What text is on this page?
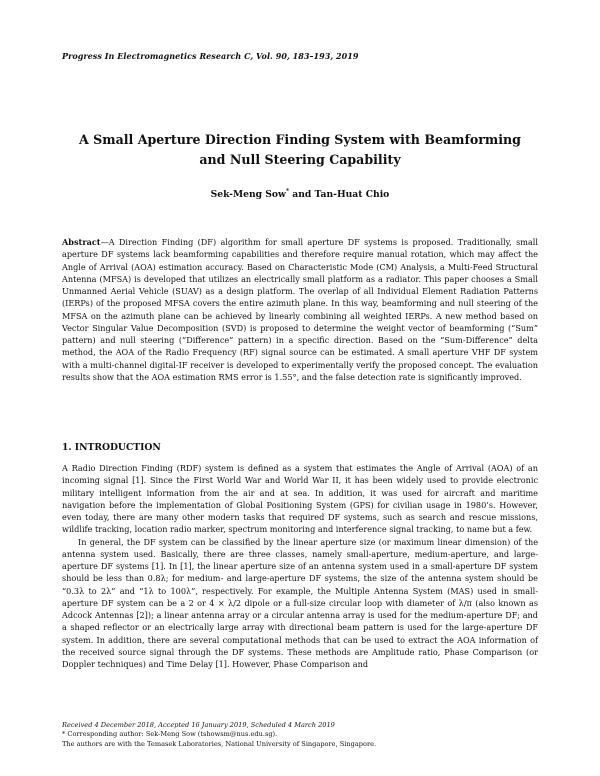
Progress In Electromagnetics Research C, Vol. 90, 183–193, 2019
A Small Aperture Direction Finding System with Beamforming
and Null Steering Capability
Sek-Meng Sow* and Tan-Huat Chio
Abstract—A Direction Finding (DF) algorithm for small aperture DF systems is proposed. Traditionally, small aperture DF systems lack beamforming capabilities and therefore require manual rotation, which may affect the Angle of Arrival (AOA) estimation accuracy. Based on Characteristic Mode (CM) Analysis, a Multi-Feed Structural Antenna (MFSA) is developed that utilizes an electrically small platform as a radiator. This paper chooses a Small Unmanned Aerial Vehicle (SUAV) as a design platform. The overlap of all Individual Element Radiation Patterns (IERPs) of the proposed MFSA covers the entire azimuth plane. In this way, beamforming and null steering of the MFSA on the azimuth plane can be achieved by linearly combining all weighted IERPs. A new method based on Vector Singular Value Decomposition (SVD) is proposed to determine the weight vector of beamforming (“Sum” pattern) and null steering (“Difference” pattern) in a specific direction. Based on the “Sum-Difference” delta method, the AOA of the Radio Frequency (RF) signal source can be estimated. A small aperture VHF DF system with a multi-channel digital-IF receiver is developed to experimentally verify the proposed concept. The evaluation results show that the AOA estimation RMS error is 1.55°, and the false detection rate is significantly improved.
1. INTRODUCTION

A Radio Direction Finding (RDF) system is defined as a system that estimates the Angle of Arrival (AOA) of an incoming signal [1]. Since the First World War and World War II, it has been widely used to provide electronic military intelligent information from the air and at sea. In addition, it was used for aircraft and maritime navigation before the implementation of Global Positioning System (GPS) for civilian usage in 1980’s. However, even today, there are many other modern tasks that required DF systems, such as search and rescue missions, wildlife tracking, location radio marker, spectrum monitoring and interference signal tracking, to name but a few.

In general, the DF system can be classified by the linear aperture size (or maximum linear dimension) of the antenna system used. Basically, there are three classes, namely small-aperture, medium-aperture, and large-aperture DF systems [1]. In [1], the linear aperture size of an antenna system used in a small-aperture DF system should be less than 0.8λ; for medium- and large-aperture DF systems, the size of the antenna system should be “0.3λ to 2λ” and “1λ to 100λ”, respectively. For example, the Multiple Antenna System (MAS) used in small-aperture DF system can be a 2 or 4 × λ/2 dipole or a full-size circular loop with diameter of λ/π (also known as Adcock Antennas [2]); a linear antenna array or a circular antenna array is used for the medium-aperture DF; and a shaped reflector or an electrically large array with directional beam pattern is used for the large-aperture DF system. In addition, there are several computational methods that can be used to extract the AOA information of the received source signal through the DF systems. These methods are Amplitude ratio, Phase Comparison (or Doppler techniques) and Time Delay [1]. However, Phase Comparison and

Received 4 December 2018, Accepted 16 January 2019, Scheduled 4 March 2019
* Corresponding author: Sek-Meng Sow (tshowsm@nus.edu.sg).
The authors are with the Temasek Laboratories, National University of Singapore, Singapore.
